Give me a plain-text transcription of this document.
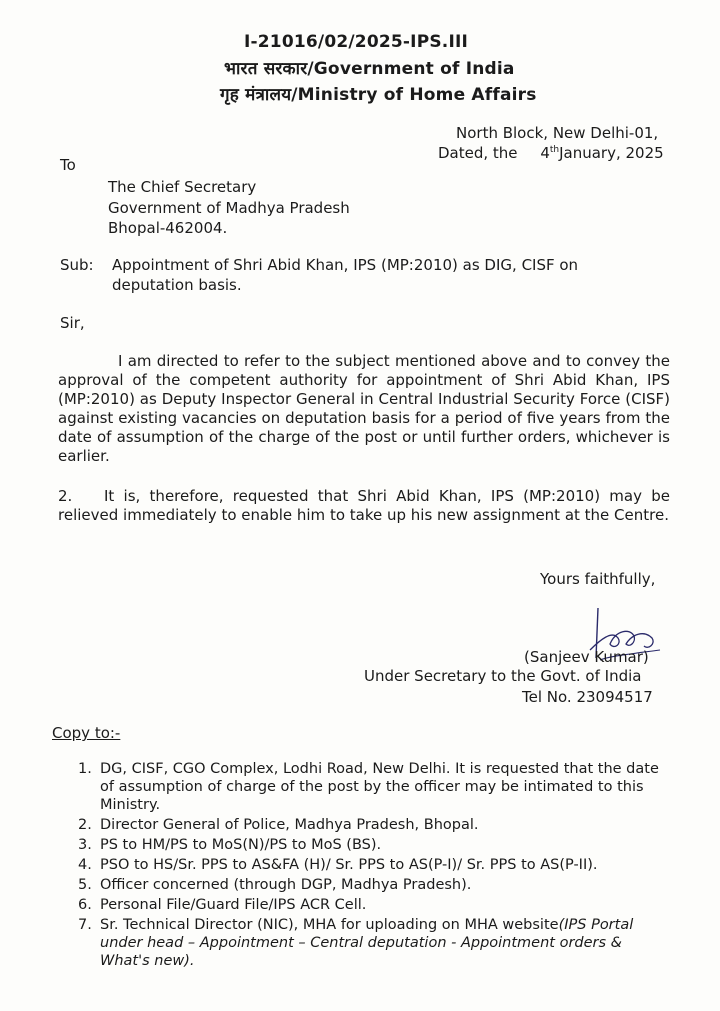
I-21016/02/2025-IPS.III
भारत सरकार/Government of India
गृह मंत्रालय/Ministry of Home Affairs
North Block, New Delhi-01,
Dated, the 4thJanuary, 2025
To
The Chief Secretary
Government of Madhya Pradesh
Bhopal-462004.
Sub: Appointment of Shri Abid Khan, IPS (MP:2010) as DIG, CISF on
deputation basis.
Sir,
I am directed to refer to the subject mentioned above and to convey the approval of the competent authority for appointment of Shri Abid Khan, IPS (MP:2010) as Deputy Inspector General in Central Industrial Security Force (CISF) against existing vacancies on deputation basis for a period of five years from the date of assumption of the charge of the post or until further orders, whichever is earlier.
2. It is, therefore, requested that Shri Abid Khan, IPS (MP:2010) may be relieved immediately to enable him to take up his new assignment at the Centre.
Yours faithfully,
(Sanjeev Kumar)
Under Secretary to the Govt. of India
Tel No. 23094517
Copy to:-
1. DG, CISF, CGO Complex, Lodhi Road, New Delhi. It is requested that the date of assumption of charge of the post by the officer may be intimated to this Ministry.
2. Director General of Police, Madhya Pradesh, Bhopal.
3. PS to HM/PS to MoS(N)/PS to MoS (BS).
4. PSO to HS/Sr. PPS to AS&FA (H)/ Sr. PPS to AS(P-I)/ Sr. PPS to AS(P-II).
5. Officer concerned (through DGP, Madhya Pradesh).
6. Personal File/Guard File/IPS ACR Cell.
7. Sr. Technical Director (NIC), MHA for uploading on MHA website(IPS Portal under head – Appointment – Central deputation - Appointment orders & What's new).
